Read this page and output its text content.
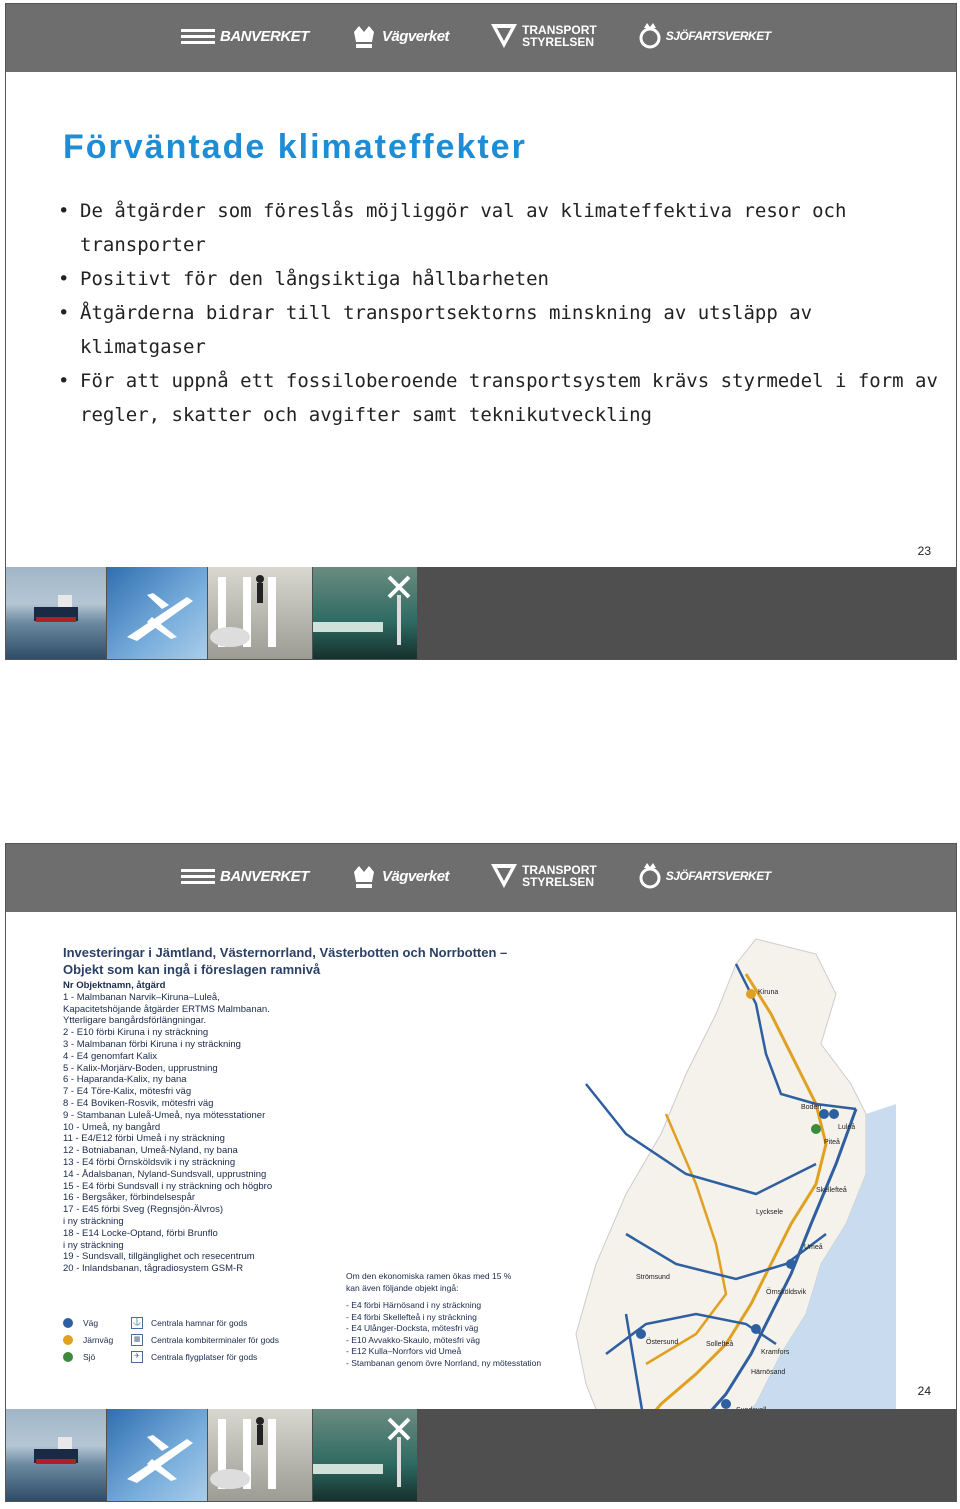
BANVERKET	Vägverket	TRANSPORT
STYRELSEN	SJÖFARTSVERKET
Förväntade klimateffekter
• De åtgärder som föreslås möjliggör val av klimateffektiva resor och transporter
• Positivt för den långsiktiga hållbarheten
• Åtgärderna bidrar till transportsektorns minskning av utsläpp av klimatgaser
• För att uppnå ett fossiloberoende transportsystem krävs styrmedel i form av regler, skatter och avgifter samt teknikutveckling
23
BANVERKET	Vägverket	TRANSPORT
STYRELSEN	SJÖFARTSVERKET
Investeringar i Jämtland, Västernorrland, Västerbotten och Norrbotten –
Objekt som kan ingå i föreslagen ramnivå
Nr Objektnamn, åtgärd
1 - Malmbanan Narvik–Kiruna–Luleå,
Kapacitetshöjande åtgärder ERTMS Malmbanan.
Ytterligare bangårdsförlängningar.
2 - E10 förbi Kiruna i ny sträckning
3 - Malmbanan förbi Kiruna i ny sträckning
4 - E4 genomfart Kalix
5 - Kalix-Morjärv-Boden, upprustning
6 - Haparanda-Kalix, ny bana
7 - E4 Töre-Kalix, mötesfri väg
8 - E4 Boviken-Rosvik, mötesfri väg
9 - Stambanan Luleå-Umeå, nya mötesstationer
10 - Umeå, ny bangård
11 - E4/E12 förbi Umeå i ny sträckning
12 - Botniabanan, Umeå-Nyland, ny bana
13 - E4 förbi Örnsköldsvik i ny sträckning
14 - Ådalsbanan, Nyland-Sundsvall, upprustning
15 - E4 förbi Sundsvall i ny sträckning och högbro
16 - Bergsåker, förbindelsespår
17 - E45 förbi Sveg (Regnsjön-Älvros)
i ny sträckning
18 - E14 Locke-Optand, förbi Brunflo
i ny sträckning
19 - Sundsvall, tillgänglighet och resecentrum
20 - Inlandsbanan, tågradiosystem GSM-R
Väg	⚓ Centrala hamnar för gods
Järnväg	▦	Centrala kombiterminaler för gods
Sjö	✈	Centrala flygplatser för gods
Om den ekonomiska ramen ökas med 15 %
kan även följande objekt ingå:
- E4 förbi Härnösand i ny sträckning
- E4 förbi Skellefteå i ny sträckning
- E4 Ulånger-Docksta, mötesfri väg
- E10 Avvakko-Skaulo, mötesfri väg
- E12 Kulla–Norrfors vid Umeå
- Stambanan genom övre Norrland, ny mötesstation
Kiruna
Boden
Luleå
Piteå
Skellefteå
Lycksele
Umeå
Örnsköldsvik
Östersund	Sollefteå
Kramfors
Härnösand
Strömsund
24
